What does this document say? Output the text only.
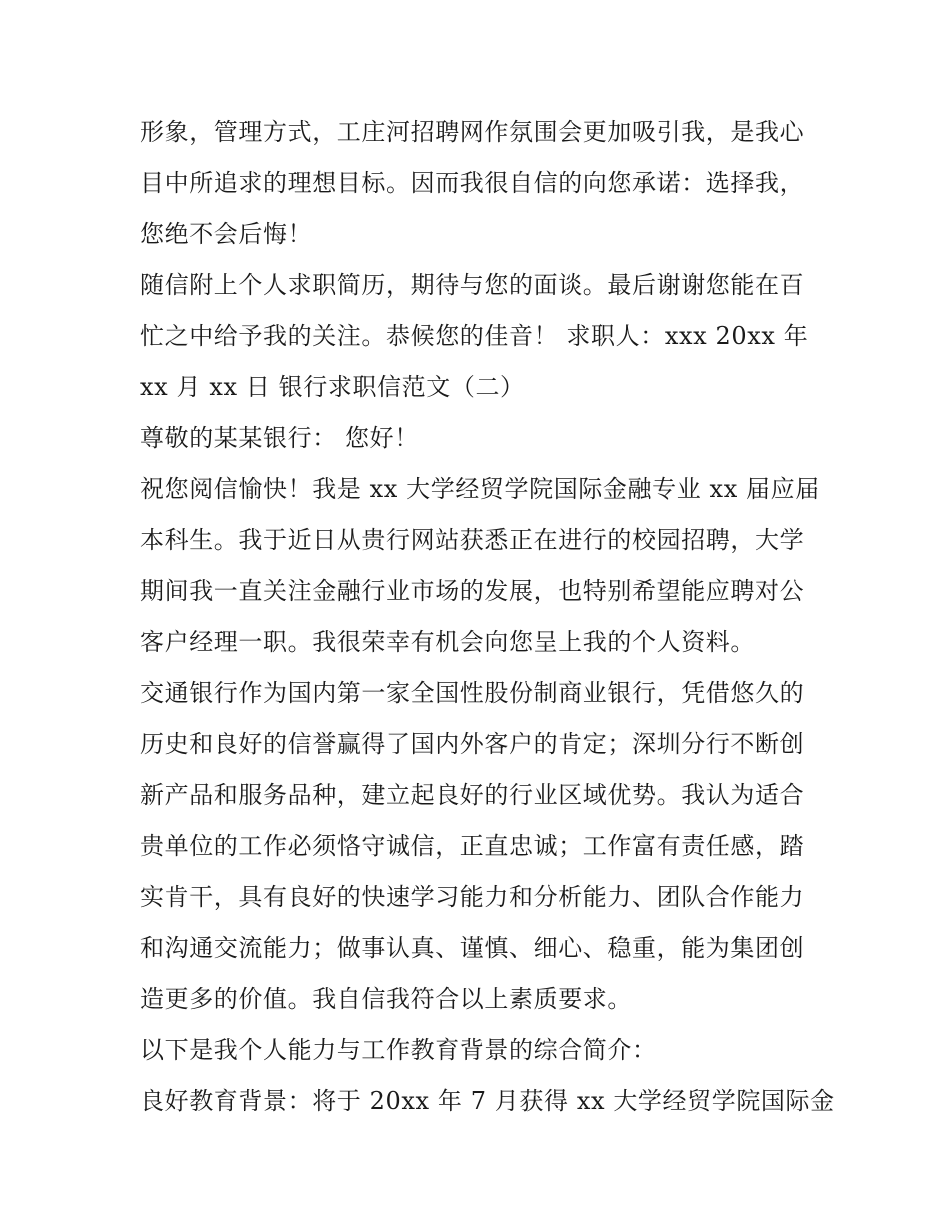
形象，管理方式，工庄河招聘网作氛围会更加吸引我，是我心
目中所追求的理想目标。因而我很自信的向您承诺：选择我，
您绝不会后悔！
随信附上个人求职简历，期待与您的面谈。最后谢谢您能在百
忙之中给予我的关注。恭候您的佳音！ 求职人：xxx 20xx 年
xx 月 xx 日 银行求职信范文（二）
尊敬的某某银行： 您好！
祝您阅信愉快！我是 xx 大学经贸学院国际金融专业 xx 届应届
本科生。我于近日从贵行网站获悉正在进行的校园招聘，大学
期间我一直关注金融行业市场的发展，也特别希望能应聘对公
客户经理一职。我很荣幸有机会向您呈上我的个人资料。
交通银行作为国内第一家全国性股份制商业银行，凭借悠久的
历史和良好的信誉赢得了国内外客户的肯定；深圳分行不断创
新产品和服务品种，建立起良好的行业区域优势。我认为适合
贵单位的工作必须恪守诚信，正直忠诚；工作富有责任感，踏
实肯干，具有良好的快速学习能力和分析能力、团队合作能力
和沟通交流能力；做事认真、谨慎、细心、稳重，能为集团创
造更多的价值。我自信我符合以上素质要求。
以下是我个人能力与工作教育背景的综合简介：
良好教育背景：将于 20xx 年 7 月获得 xx 大学经贸学院国际金
